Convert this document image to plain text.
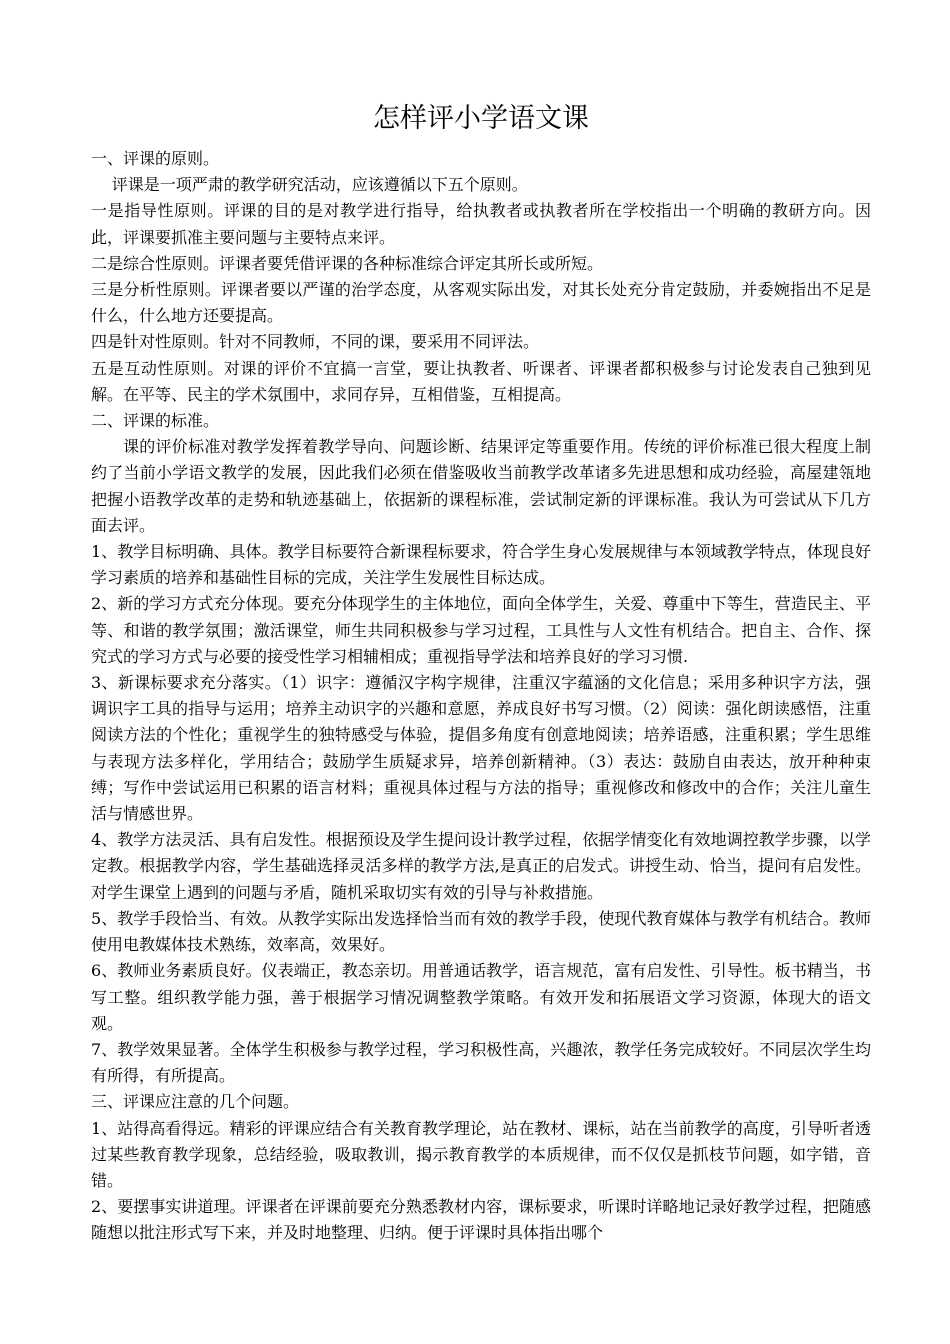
怎样评小学语文课

一、评课的原则。

评课是一项严肃的教学研究活动，应该遵循以下五个原则。

一是指导性原则。评课的目的是对教学进行指导，给执教者或执教者所在学校指出一个明确的教研方向。因此，评课要抓准主要问题与主要特点来评。

二是综合性原则。评课者要凭借评课的各种标准综合评定其所长或所短。

三是分析性原则。评课者要以严谨的治学态度，从客观实际出发，对其长处充分肯定鼓励，并委婉指出不足是什么，什么地方还要提高。

四是针对性原则。针对不同教师，不同的课，要采用不同评法。

五是互动性原则。对课的评价不宜搞一言堂，要让执教者、听课者、评课者都积极参与讨论发表自己独到见解。在平等、民主的学术氛围中，求同存异，互相借鉴，互相提高。

二、评课的标准。

课的评价标准对教学发挥着教学导向、问题诊断、结果评定等重要作用。传统的评价标准已很大程度上制约了当前小学语文教学的发展，因此我们必须在借鉴吸收当前教学改革诸多先进思想和成功经验，高屋建瓴地把握小语教学改革的走势和轨迹基础上，依据新的课程标准，尝试制定新的评课标准。我认为可尝试从下几方面去评。

1、教学目标明确、具体。教学目标要符合新课程标要求，符合学生身心发展规律与本领域教学特点，体现良好学习素质的培养和基础性目标的完成，关注学生发展性目标达成。

2、新的学习方式充分体现。要充分体现学生的主体地位，面向全体学生，关爱、尊重中下等生，营造民主、平等、和谐的教学氛围；激活课堂，师生共同积极参与学习过程，工具性与人文性有机结合。把自主、合作、探究式的学习方式与必要的接受性学习相辅相成；重视指导学法和培养良好的学习习惯.

3、新课标要求充分落实。（1）识字：遵循汉字构字规律，注重汉字蕴涵的文化信息；采用多种识字方法，强调识字工具的指导与运用；培养主动识字的兴趣和意愿，养成良好书写习惯。（2）阅读：强化朗读感悟，注重阅读方法的个性化；重视学生的独特感受与体验，提倡多角度有创意地阅读；培养语感，注重积累；学生思维与表现方法多样化，学用结合；鼓励学生质疑求异，培养创新精神。（3）表达：鼓励自由表达，放开种种束缚；写作中尝试运用已积累的语言材料；重视具体过程与方法的指导；重视修改和修改中的合作；关注儿童生活与情感世界。

4、教学方法灵活、具有启发性。根据预设及学生提问设计教学过程，依据学情变化有效地调控教学步骤，以学定教。根据教学内容，学生基础选择灵活多样的教学方法,是真正的启发式。讲授生动、恰当，提问有启发性。对学生课堂上遇到的问题与矛盾，随机采取切实有效的引导与补救措施。

5、教学手段恰当、有效。从教学实际出发选择恰当而有效的教学手段，使现代教育媒体与教学有机结合。教师使用电教媒体技术熟练，效率高，效果好。

6、教师业务素质良好。仪表端正，教态亲切。用普通话教学，语言规范，富有启发性、引导性。板书精当，书写工整。组织教学能力强，善于根据学习情况调整教学策略。有效开发和拓展语文学习资源，体现大的语文观。

7、教学效果显著。全体学生积极参与教学过程，学习积极性高，兴趣浓，教学任务完成较好。不同层次学生均有所得，有所提高。

三、评课应注意的几个问题。

1、站得高看得远。精彩的评课应结合有关教育教学理论，站在教材、课标，站在当前教学的高度，引导听者透过某些教育教学现象，总结经验，吸取教训，揭示教育教学的本质规律，而不仅仅是抓枝节问题，如字错，音错。

2、要摆事实讲道理。评课者在评课前要充分熟悉教材内容，课标要求，听课时详略地记录好教学过程，把随感随想以批注形式写下来，并及时地整理、归纳。便于评课时具体指出哪个
